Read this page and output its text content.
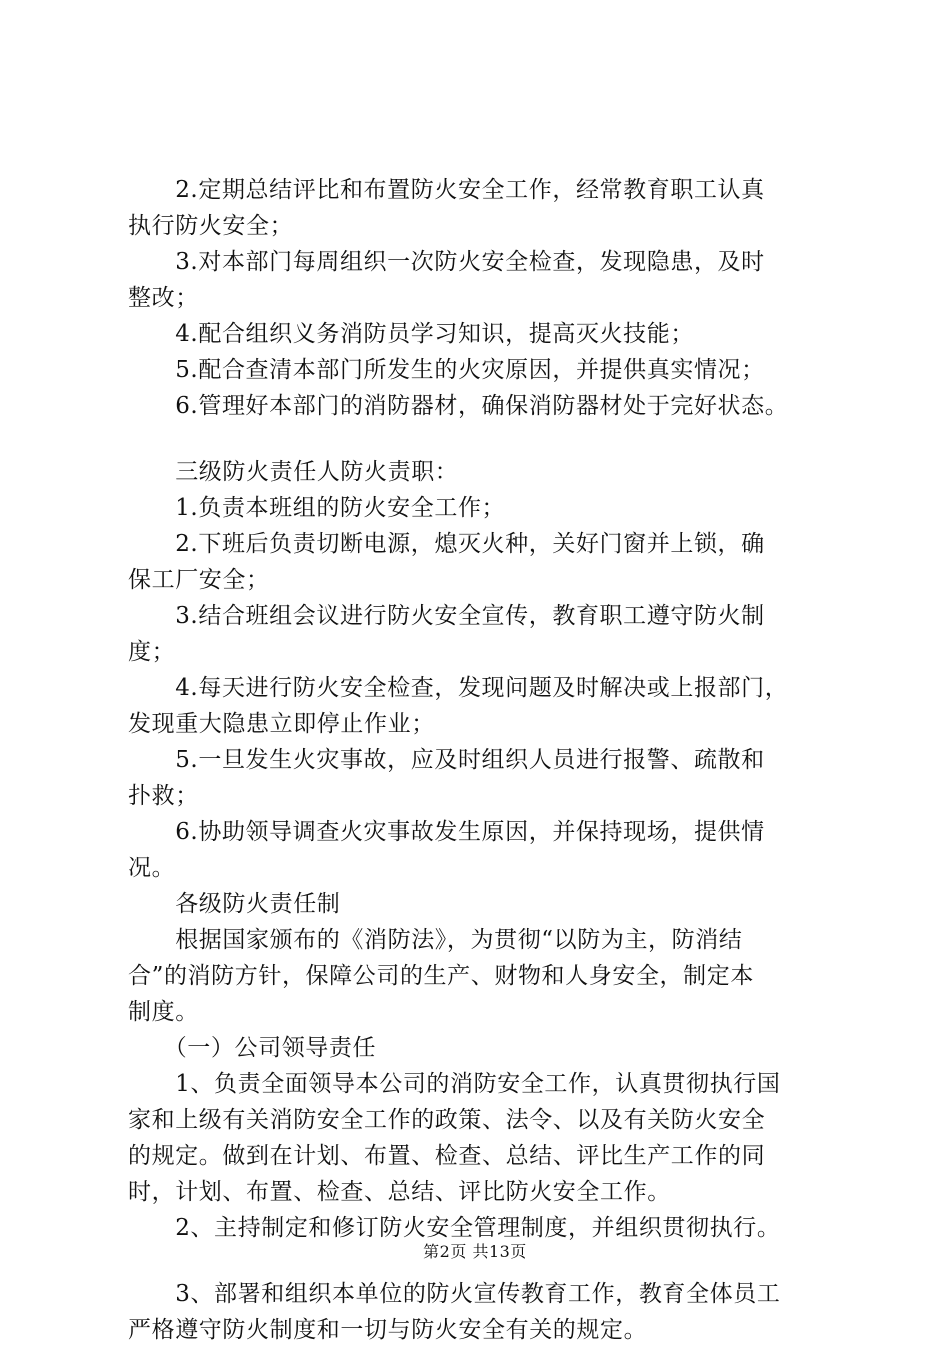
　　2.定期总结评比和布置防火安全工作，经常教育职工认真
执行防火安全；
　　3.对本部门每周组织一次防火安全检查，发现隐患，及时
整改；
　　4.配合组织义务消防员学习知识，提高灭火技能；
　　5.配合查清本部门所发生的火灾原因，并提供真实情况；
　　6.管理好本部门的消防器材，确保消防器材处于完好状态。
　　三级防火责任人防火责职：
　　1.负责本班组的防火安全工作；
　　2.下班后负责切断电源，熄灭火种，关好门窗并上锁，确
保工厂安全；
　　3.结合班组会议进行防火安全宣传，教育职工遵守防火制
度；
　　4.每天进行防火安全检查，发现问题及时解决或上报部门，
发现重大隐患立即停止作业；
　　5.一旦发生火灾事故，应及时组织人员进行报警、疏散和
扑救；
　　6.协助领导调查火灾事故发生原因，并保持现场，提供情
况。
　　各级防火责任制
　　根据国家颁布的《消防法》，为贯彻“以防为主，防消结
合”的消防方针，保障公司的生产、财物和人身安全，制定本
制度。
　　（一）公司领导责任
　　1、负责全面领导本公司的消防安全工作，认真贯彻执行国
家和上级有关消防安全工作的政策、法令、以及有关防火安全
的规定。做到在计划、布置、检查、总结、评比生产工作的同
时，计划、布置、检查、总结、评比防火安全工作。
　　2、主持制定和修订防火安全管理制度，并组织贯彻执行。
　　3、部署和组织本单位的防火宣传教育工作，教育全体员工
严格遵守防火制度和一切与防火安全有关的规定。
第2页 共13页
